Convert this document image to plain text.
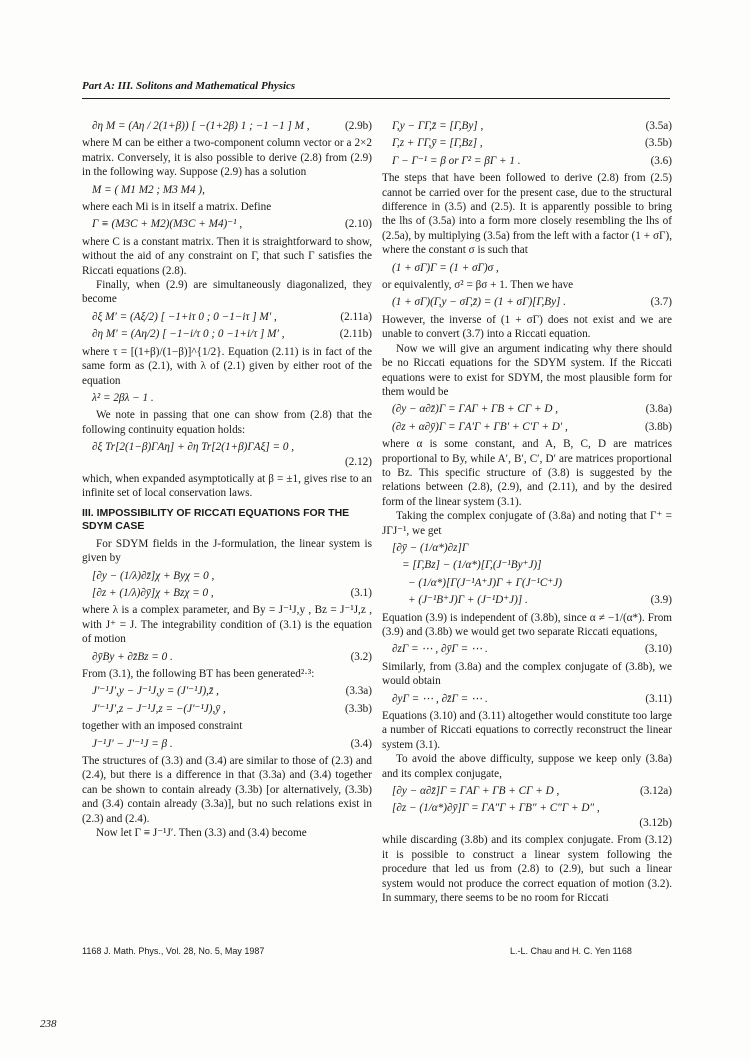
Part A: III. Solitons and Mathematical Physics
∂η M = (Aη / 2(1+β)) [ −(1+2β) 1 ; −1 −1 ] M ,	(2.9b)

where M can be either a two-component column vector or a 2×2 matrix. Conversely, it is also possible to derive (2.8) from (2.9) in the following way. Suppose (2.9) has a solution

M = ( M1 M2 ; M3 M4 ),

where each Mi is in itself a matrix. Define

Γ ≡ (M3C + M2)(M3C + M4)⁻¹ ,	(2.10)

where C is a constant matrix. Then it is straightforward to show, without the aid of any constraint on Γ, that such Γ satisfies the Riccati equations (2.8).

Finally, when (2.9) are simultaneously diagonalized, they become

∂ξ M′ = (Aξ/2) [ −1+iτ 0 ; 0 −1−iτ ] M′ ,	(2.11a)
∂η M′ = (Aη/2) [ −1−i/τ 0 ; 0 −1+i/τ ] M′ ,	(2.11b)

where τ = [(1+β)/(1−β)]^{1/2}. Equation (2.11) is in fact of the same form as (2.1), with λ of (2.1) given by either root of the equation

λ² = 2βλ − 1 .

We note in passing that one can show from (2.8) that the following continuity equation holds:

∂ξ Tr[2(1−β)ΓAη] + ∂η Tr[2(1+β)ΓAξ] = 0 ,
(2.12)

which, when expanded asymptotically at β = ±1, gives rise to an infinite set of local conservation laws.

III. IMPOSSIBILITY OF RICCATI EQUATIONS FOR THE SDYM CASE

For SDYM fields in the J-formulation, the linear system is given by

[∂y − (1/λ)∂z̄]χ + Byχ = 0 ,
[∂z + (1/λ)∂ȳ]χ + Bzχ = 0 ,	(3.1)

where λ is a complex parameter, and By = J⁻¹J,y , Bz = J⁻¹J,z , with J⁺ = J. The integrability condition of (3.1) is the equation of motion

∂ȳBy + ∂z̄Bz = 0 .	(3.2)

From (3.1), the following BT has been generated²·³:

J′⁻¹J′,y − J⁻¹J,y = (J′⁻¹J),z̄ ,	(3.3a)
J′⁻¹J′,z − J⁻¹J,z = −(J′⁻¹J),ȳ ,	(3.3b)

together with an imposed constraint

J⁻¹J′ − J′⁻¹J = β .	(3.4)

The structures of (3.3) and (3.4) are similar to those of (2.3) and (2.4), but there is a difference in that (3.3a) and (3.4) together can be shown to contain already (3.3b) [or alternatively, (3.3b) and (3.4) contain already (3.3a)], but no such relations exist in (2.3) and (2.4).

Now let Γ ≡ J⁻¹J′. Then (3.3) and (3.4) become

Γ,y − ΓΓ,z̄ = [Γ,By] ,	(3.5a)
Γ,z + ΓΓ,ȳ = [Γ,Bz] ,	(3.5b)
Γ − Γ⁻¹ = β or Γ² = βΓ + 1 .	(3.6)

The steps that have been followed to derive (2.8) from (2.5) cannot be carried over for the present case, due to the structural difference in (3.5) and (2.5). It is apparently possible to bring the lhs of (3.5a) into a form more closely resembling the lhs of (2.5a), by multiplying (3.5a) from the left with a factor (1 + σΓ), where the constant σ is such that

(1 + σΓ)Γ = (1 + σΓ)σ ,

or equivalently, σ² = βσ + 1. Then we have

(1 + σΓ)(Γ,y − σΓ,z̄) = (1 + σΓ)[Γ,By] .	(3.7)

However, the inverse of (1 + σΓ) does not exist and we are unable to convert (3.7) into a Riccati equation.

Now we will give an argument indicating why there should be no Riccati equations for the SDYM system. If the Riccati equations were to exist for SDYM, the most plausible form for them would be

(∂y − α∂z̄)Γ = ΓAΓ + ΓB + CΓ + D ,	(3.8a)
(∂z + α∂ȳ)Γ = ΓA′Γ + ΓB′ + C′Γ + D′ ,	(3.8b)

where α is some constant, and A, B, C, D are matrices proportional to By, while A′, B′, C′, D′ are matrices proportional to Bz. This specific structure of (3.8) is suggested by the relations between (2.8), (2.9), and (2.11), and by the desired form of the linear system (3.1).

Taking the complex conjugate of (3.8a) and noting that Γ⁺ = JΓJ⁻¹, we get

[∂ȳ − (1/α*)∂z]Γ
= [Γ,Bz] − (1/α*)[Γ,(J⁻¹By⁺J)]
− (1/α*)[Γ(J⁻¹A⁺J)Γ + Γ(J⁻¹C⁺J)
+ (J⁻¹B⁺J)Γ + (J⁻¹D⁺J)] .	(3.9)

Equation (3.9) is independent of (3.8b), since α ≠ −1/(α*). From (3.9) and (3.8b) we would get two separate Riccati equations,

∂zΓ = ⋯ , ∂ȳΓ = ⋯ .	(3.10)

Similarly, from (3.8a) and the complex conjugate of (3.8b), we would obtain

∂yΓ = ⋯ , ∂z̄Γ = ⋯ .	(3.11)

Equations (3.10) and (3.11) altogether would constitute too large a number of Riccati equations to correctly reconstruct the linear system (3.1).

To avoid the above difficulty, suppose we keep only (3.8a) and its complex conjugate,

[∂y − α∂z̄]Γ = ΓAΓ + ΓB + CΓ + D ,	(3.12a)
[∂z − (1/α*)∂ȳ]Γ = ΓA″Γ + ΓB″ + C″Γ + D″ ,
(3.12b)

while discarding (3.8b) and its complex conjugate. From (3.12) it is possible to construct a linear system following the procedure that led us from (2.8) to (2.9), but such a linear system would not produce the correct equation of motion (3.2). In summary, there seems to be no room for Riccati

1168 J. Math. Phys., Vol. 28, No. 5, May 1987	L.-L. Chau and H. C. Yen 1168
238
